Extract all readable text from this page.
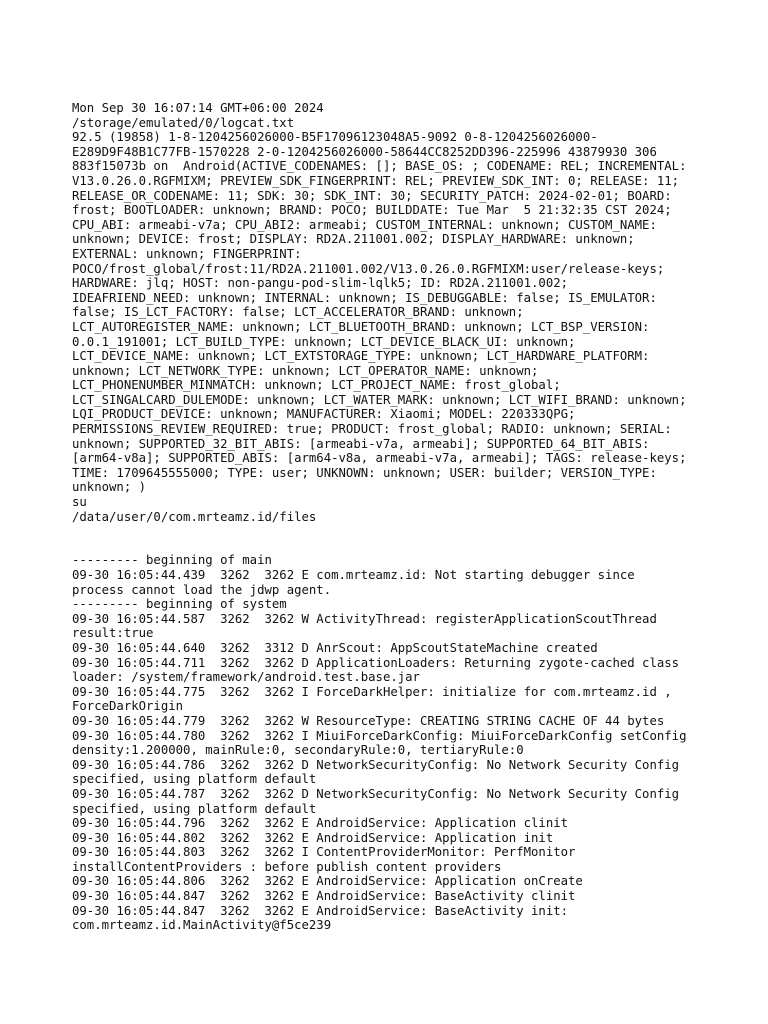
Mon Sep 30 16:07:14 GMT+06:00 2024
/storage/emulated/0/logcat.txt
92.5 (19858) 1-8-1204256026000-B5F17096123048A5-9092 0-8-1204256026000-
E289D9F48B1C77FB-1570228 2-0-1204256026000-58644CC8252DD396-225996 43879930 306
883f15073b on  Android(ACTIVE_CODENAMES: []; BASE_OS: ; CODENAME: REL; INCREMENTAL:
V13.0.26.0.RGFMIXM; PREVIEW_SDK_FINGERPRINT: REL; PREVIEW_SDK_INT: 0; RELEASE: 11;
RELEASE_OR_CODENAME: 11; SDK: 30; SDK_INT: 30; SECURITY_PATCH: 2024-02-01; BOARD:
frost; BOOTLOADER: unknown; BRAND: POCO; BUILDDATE: Tue Mar  5 21:32:35 CST 2024;
CPU_ABI: armeabi-v7a; CPU_ABI2: armeabi; CUSTOM_INTERNAL: unknown; CUSTOM_NAME:
unknown; DEVICE: frost; DISPLAY: RD2A.211001.002; DISPLAY_HARDWARE: unknown;
EXTERNAL: unknown; FINGERPRINT:
POCO/frost_global/frost:11/RD2A.211001.002/V13.0.26.0.RGFMIXM:user/release-keys;
HARDWARE: jlq; HOST: non-pangu-pod-slim-lqlk5; ID: RD2A.211001.002;
IDEAFRIEND_NEED: unknown; INTERNAL: unknown; IS_DEBUGGABLE: false; IS_EMULATOR:
false; IS_LCT_FACTORY: false; LCT_ACCELERATOR_BRAND: unknown;
LCT_AUTOREGISTER_NAME: unknown; LCT_BLUETOOTH_BRAND: unknown; LCT_BSP_VERSION:
0.0.1_191001; LCT_BUILD_TYPE: unknown; LCT_DEVICE_BLACK_UI: unknown;
LCT_DEVICE_NAME: unknown; LCT_EXTSTORAGE_TYPE: unknown; LCT_HARDWARE_PLATFORM:
unknown; LCT_NETWORK_TYPE: unknown; LCT_OPERATOR_NAME: unknown;
LCT_PHONENUMBER_MINMATCH: unknown; LCT_PROJECT_NAME: frost_global;
LCT_SINGALCARD_DULEMODE: unknown; LCT_WATER_MARK: unknown; LCT_WIFI_BRAND: unknown;
LQI_PRODUCT_DEVICE: unknown; MANUFACTURER: Xiaomi; MODEL: 220333QPG;
PERMISSIONS_REVIEW_REQUIRED: true; PRODUCT: frost_global; RADIO: unknown; SERIAL:
unknown; SUPPORTED_32_BIT_ABIS: [armeabi-v7a, armeabi]; SUPPORTED_64_BIT_ABIS:
[arm64-v8a]; SUPPORTED_ABIS: [arm64-v8a, armeabi-v7a, armeabi]; TAGS: release-keys;
TIME: 1709645555000; TYPE: user; UNKNOWN: unknown; USER: builder; VERSION_TYPE:
unknown; )
su
/data/user/0/com.mrteamz.id/files
--------- beginning of main
09-30 16:05:44.439  3262  3262 E com.mrteamz.id: Not starting debugger since
process cannot load the jdwp agent.
--------- beginning of system
09-30 16:05:44.587  3262  3262 W ActivityThread: registerApplicationScoutThread
result:true
09-30 16:05:44.640  3262  3312 D AnrScout: AppScoutStateMachine created
09-30 16:05:44.711  3262  3262 D ApplicationLoaders: Returning zygote-cached class
loader: /system/framework/android.test.base.jar
09-30 16:05:44.775  3262  3262 I ForceDarkHelper: initialize for com.mrteamz.id ,
ForceDarkOrigin
09-30 16:05:44.779  3262  3262 W ResourceType: CREATING STRING CACHE OF 44 bytes
09-30 16:05:44.780  3262  3262 I MiuiForceDarkConfig: MiuiForceDarkConfig setConfig
density:1.200000, mainRule:0, secondaryRule:0, tertiaryRule:0
09-30 16:05:44.786  3262  3262 D NetworkSecurityConfig: No Network Security Config
specified, using platform default
09-30 16:05:44.787  3262  3262 D NetworkSecurityConfig: No Network Security Config
specified, using platform default
09-30 16:05:44.796  3262  3262 E AndroidService: Application clinit
09-30 16:05:44.802  3262  3262 E AndroidService: Application init
09-30 16:05:44.803  3262  3262 I ContentProviderMonitor: PerfMonitor
installContentProviders : before publish content providers
09-30 16:05:44.806  3262  3262 E AndroidService: Application onCreate
09-30 16:05:44.847  3262  3262 E AndroidService: BaseActivity clinit
09-30 16:05:44.847  3262  3262 E AndroidService: BaseActivity init:
com.mrteamz.id.MainActivity@f5ce239
